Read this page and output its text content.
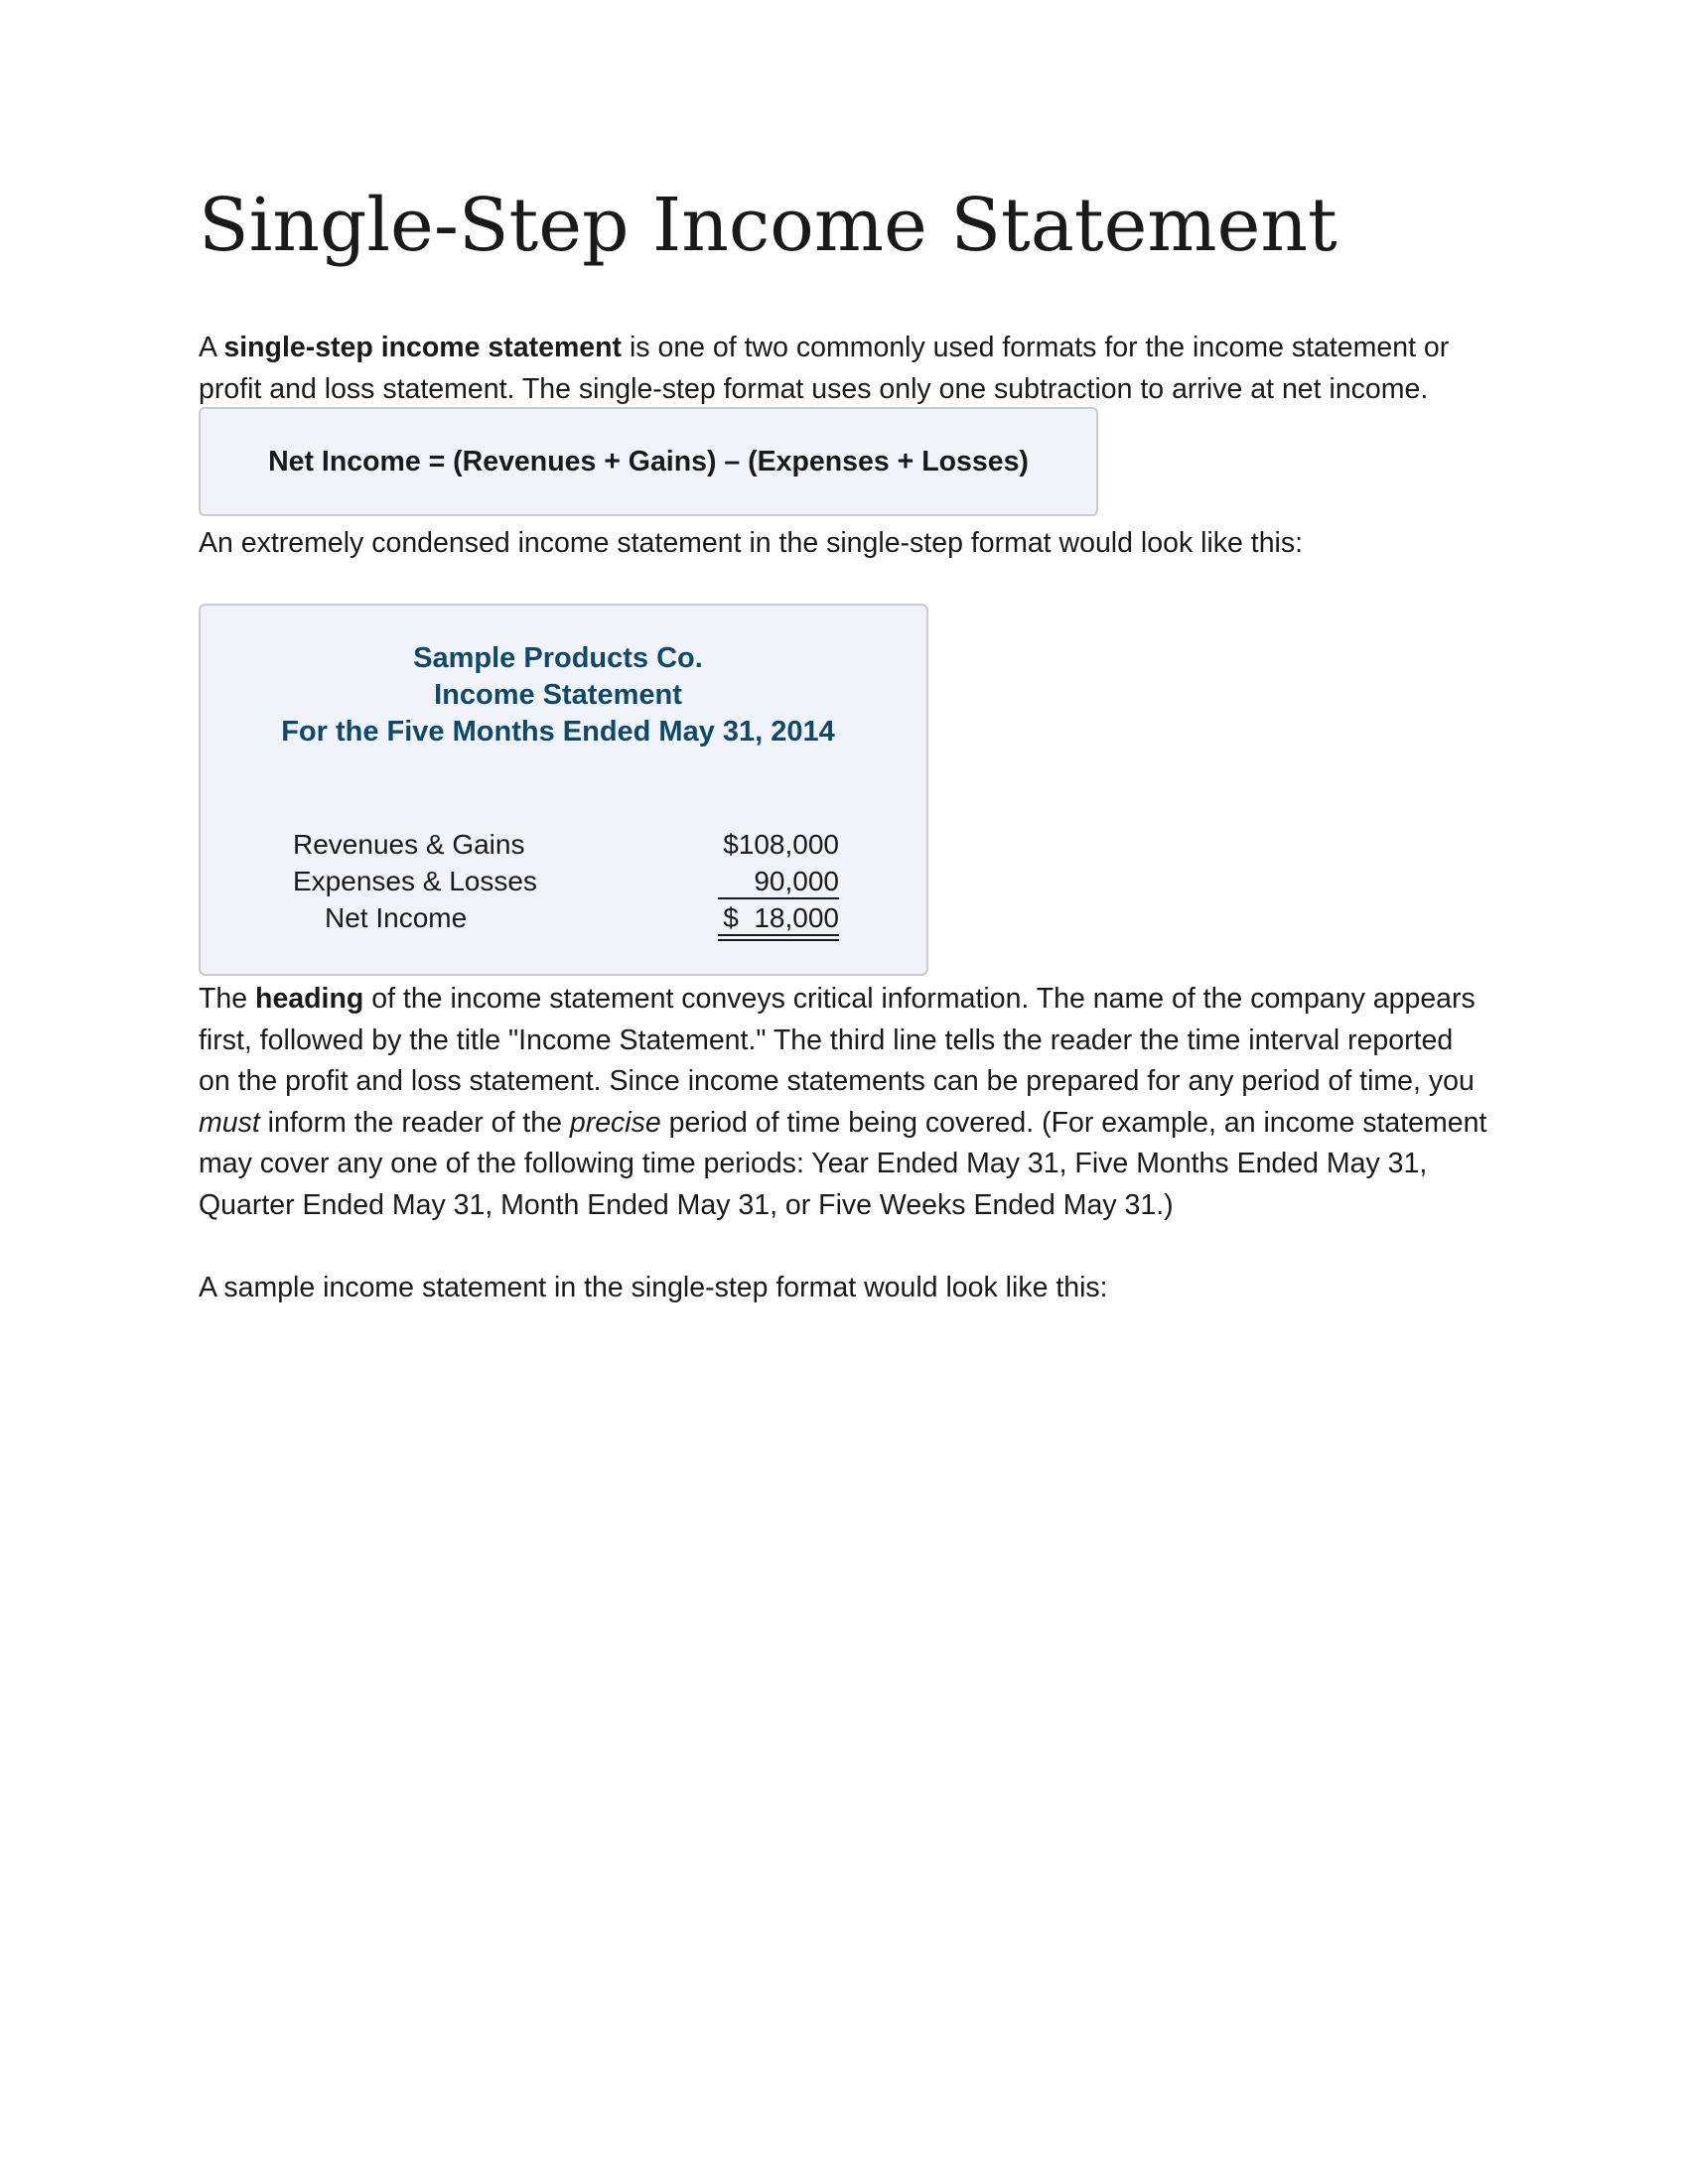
Single-Step Income Statement

A single-step income statement is one of two commonly used formats for the income statement or profit and loss statement. The single-step format uses only one subtraction to arrive at net income.

Net Income = (Revenues + Gains) – (Expenses + Losses)

An extremely condensed income statement in the single-step format would look like this:

Sample Products Co.
Income Statement
For the Five Months Ended May 31, 2014
Revenues & Gains	$108,000
Expenses & Losses	90,000
Net Income	$  18,000

The heading of the income statement conveys critical information. The name of the company appears first, followed by the title "Income Statement." The third line tells the reader the time interval reported on the profit and loss statement. Since income statements can be prepared for any period of time, you must inform the reader of the precise period of time being covered. (For example, an income statement may cover any one of the following time periods: Year Ended May 31, Five Months Ended May 31, Quarter Ended May 31, Month Ended May 31, or Five Weeks Ended May 31.)

A sample income statement in the single-step format would look like this:
